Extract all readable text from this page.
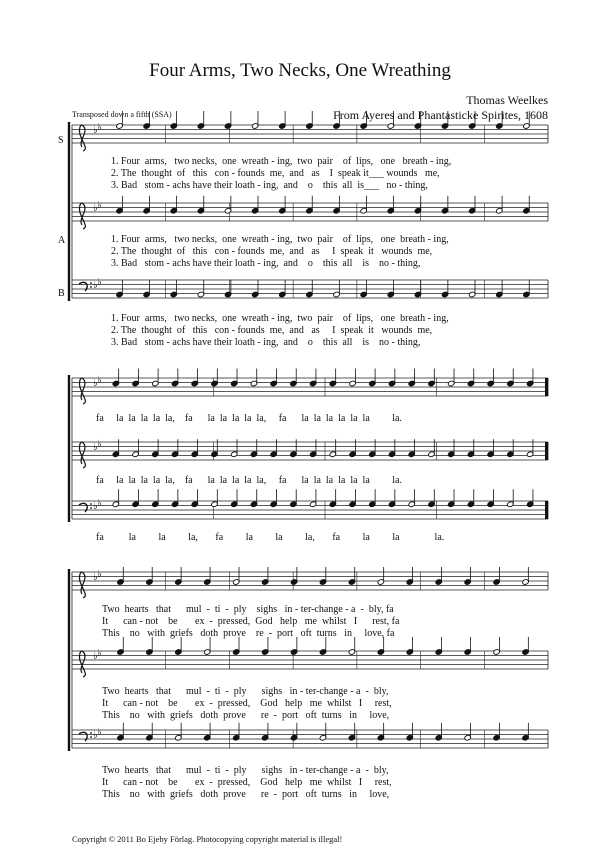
Four Arms, Two Necks, One Wreathing
Thomas Weelkes
From Ayeres and Phantasticke Spirites, 1608
Transposed down a fifth (SSA)
S
A
B
♭ ♭
♭ ♭
♭ ♭
♭ ♭
♭ ♭
♭ ♭
♭ ♭
♭ ♭
♭ ♭
1. Four  arms,   two necks,  one  wreath - ing,  two  pair    of  lips,   one   breath - ing,
2. The  thought  of   this   con - founds  me,  and   as    I  speak it___ wounds   me,
3. Bad   stom - achs have their loath - ing,  and    o    this  all  is___   no - thing,
1. Four  arms,   two necks,  one  wreath - ing,  two  pair    of  lips,   one  breath - ing,
2. The  thought  of   this   con - founds  me,  and   as     I  speak  it   wounds  me,
3. Bad   stom - achs have their loath - ing,  and    o    this  all    is    no - thing,
1. Four  arms,   two necks,  one  wreath - ing,  two  pair    of  lips,   one  breath - ing,
2. The  thought  of   this   con - founds  me,  and   as     I  speak  it   wounds  me,
3. Bad   stom - achs have their loath - ing,  and    o    this  all    is    no - thing,
fa     la  la  la  la  la,    fa      la  la  la  la  la,     fa      la  la  la  la  la  la         la.
fa     la  la  la  la  la,    fa      la  la  la  la  la,     fa      la  la  la  la  la  la         la.
fa          la         la         la,       fa         la         la         la,       fa         la         la              la.
Two  hearts   that      mul  -  ti  -  ply    sighs   in - ter-change - a  -  bly, fa
It      can - not    be       ex  -  pressed,  God   help   me  whilst   I      rest, fa
This    no   with  griefs   doth  prove    re  -  port   oft  turns   in     love, fa
Two  hearts   that      mul  -  ti  -  ply      sighs   in - ter-change - a  -  bly,
It      can - not    be       ex  -  pressed,    God   help   me  whilst   I     rest,
This    no   with  griefs   doth  prove      re  -  port   oft  turns   in     love,
Two  hearts   that      mul  -  ti  -  ply      sighs   in - ter-change - a  -  bly,
It      can - not    be       ex  -  pressed,    God   help   me  whilst   I     rest,
This    no   with  griefs   doth  prove      re  -  port   oft  turns   in     love,
Copyright © 2011 Bo Ejeby Förlag. Photocopying copyright material is illegal!
